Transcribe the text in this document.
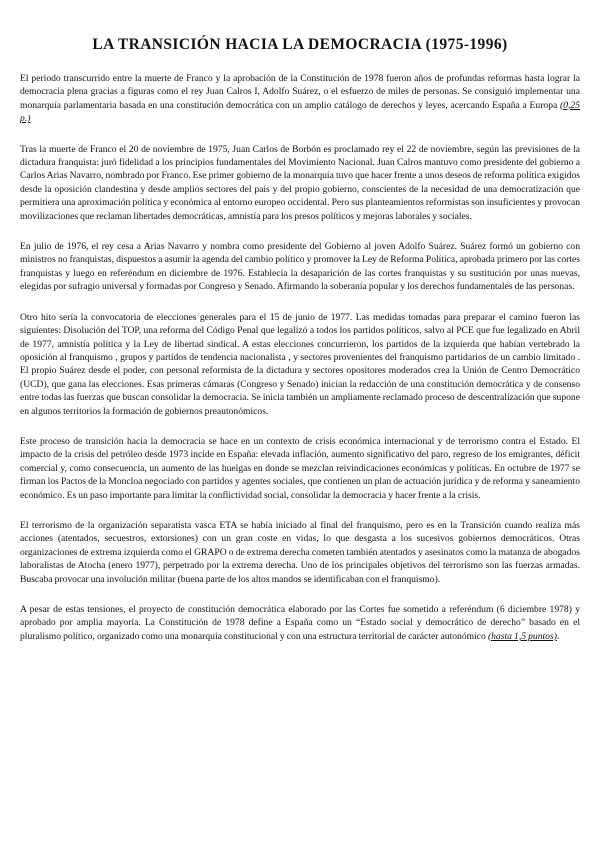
LA TRANSICIÓN HACIA LA DEMOCRACIA (1975-1996)

El periodo transcurrido entre la muerte de Franco y la aprobación de la Constitución de 1978 fueron años de profundas reformas hasta lograr la democracia plena gracias a figuras como el rey Juan Calros I, Adolfo Suárez, o el esfuerzo de miles de personas. Se consiguió implementar una monarquía parlamentaria basada en una constitución democrática con un amplio catálogo de derechos y leyes, acercando España a Europa (0,25 p.)

Tras la muerte de Franco el 20 de noviembre de 1975, Juan Carlos de Borbón es proclamado rey el 22 de noviembre, según las previsiones de la dictadura franquista: juró fidelidad a los principios fundamentales del Movimiento Nacional. Juan Calros mantuvo como presidente del gobierno a Carlos Arias Navarro, nombrado por Franco. Ese primer gobierno de la monarquía tuvo que hacer frente a unos deseos de reforma política exigidos desde la oposición clandestina y desde amplios sectores del país y del propio gobierno, conscientes de la necesidad de una democratización que permitiera una aproximación política y económica al entorno europeo occidental. Pero sus planteamientos reformistas son insuficientes y provocan movilizaciones que reclaman libertades democráticas, amnistía para los presos políticos y mejoras laborales y sociales.

En julio de 1976, el rey cesa a Arias Navarro y nombra como presidente del Gobierno al joven Adolfo Suárez. Suárez formó un gobierno con ministros no franquistas, dispuestos a asumir la agenda del cambio político y promover la Ley de Reforma Política, aprobada primero por las cortes franquistas y luego en referéndum en diciembre de 1976. Establecía la desaparición de las cortes franquistas y su sustitución por unas nuevas, elegidas por sufragio universal y formadas por Congreso y Senado. Afirmando la soberanía popular y los derechos fundamentales de las personas.

Otro hito sería la convocatoria de elecciones generales para el 15 de junio de 1977. Las medidas tomadas para preparar el camino fueron las siguientes: Disolución del TOP, una reforma del Código Penal que legalizó a todos los partidos políticos, salvo al PCE que fue legalizado en Abril de 1977, amnistía política y la Ley de libertad sindical. A estas elecciones concurrieron, los partidos de la izquierda que habían vertebrado la oposición al franquismo , grupos y partidos de tendencia nacionalista , y sectores provenientes del franquismo partidarios de un cambio limitado . El propio Suárez desde el poder, con personal reformista de la dictadura y sectores opositores moderados crea la Unión de Centro Democrático (UCD), que gana las elecciones. Esas primeras cámaras (Congreso y Senado) inician la redacción de una constitución democrática y de consenso entre todas las fuerzas que buscan consolidar la democracia. Se inicia también un ampliamente reclamado proceso de descentralización que supone en algunos territorios la formación de gobiernos preautonómicos.

Este proceso de transición hacia la democracia se hace en un contexto de crisis económica internacional y de terrorismo contra el Estado. El impacto de la crisis del petróleo desde 1973 incide en España: elevada inflación, aumento significativo del paro, regreso de los emigrantes, déficit comercial y, como consecuencia, un aumento de las huelgas en donde se mezclan reivindicaciones económicas y políticas. En octubre de 1977 se firman los Pactos de la Moncloa negociado con partidos y agentes sociales, que contienen un plan de actuación jurídica y de reforma y saneamiento económico. Es un paso importante para limitar la conflictividad social, consolidar la democracia y hacer frente a la crisis.

El terrorismo de la organización separatista vasca ETA se había iniciado al final del franquismo, pero es en la Transición cuando realiza más acciones (atentados, secuestros, extorsiones) con un gran coste en vidas, lo que desgasta a los sucesivos gobiernos democráticos. Otras organizaciones de extrema izquierda como el GRAPO o de extrema derecha cometen también atentados y asesinatos como la matanza de abogados laboralistas de Atocha (enero 1977), perpetrado por la extrema derecha. Uno de los principales objetivos del terrorismo son las fuerzas armadas. Buscaba provocar una involución militar (buena parte de los altos mandos se identificaban con el franquismo).

A pesar de estas tensiones, el proyecto de constitución democrática elaborado por las Cortes fue sometido a referéndum (6 diciembre 1978) y aprobado por amplia mayoría. La Constitución de 1978 define a España como un “Estado social y democrático de derecho” basado en el pluralismo político, organizado como una monarquía constitucional y con una estructura territorial de carácter autonómico (hasta 1,5 puntos).
